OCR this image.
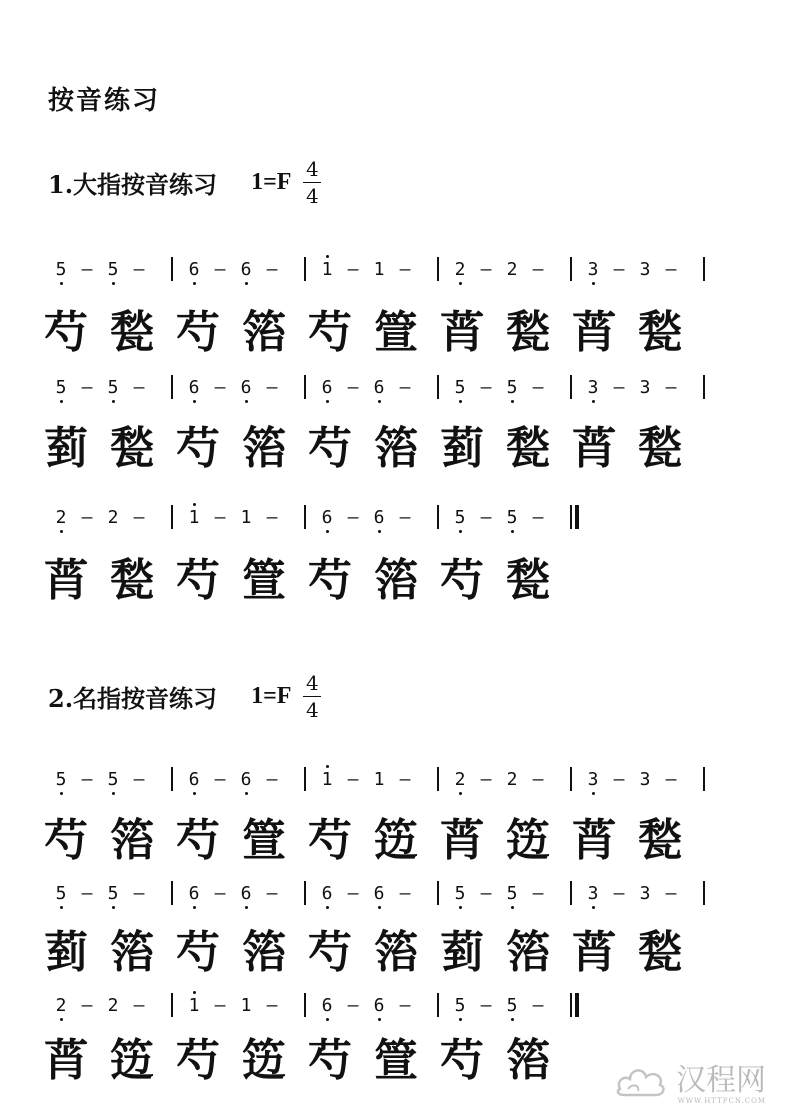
按音练习
1.大指按音练习 1=F 4
4
5 – 5 –	6 – 6 –	1 – 1 –	2 – 2 –	3 – 3 –
芍 甃 芍 箈 芍 箮 莦 甃 莦 甃
5 – 5 –	6 – 6 –	6 – 6 –	5 – 5 –	3 – 3 –
菿 甃 芍 箈 芍 箈 菿 甃 莦 甃
2 – 2 –	1 – 1 –	6 – 6 –	5 – 5 –
莦 甃 芍 箮 芍 箈 芍 甃
2.名指按音练习 1=F 4
4
5 – 5 –	6 – 6 –	1 – 1 –	2 – 2 –	3 – 3 –
芍 箈 芍 箮 芍 笾 莦 笾 莦 甃
5 – 5 –	6 – 6 –	6 – 6 –	5 – 5 –	3 – 3 –
菿 箈 芍 箈 芍 箈 菿 箈 莦 甃
2 – 2 –	1 – 1 –	6 – 6 –	5 – 5 –
莦 笾 芍 笾 芍 箮 芍 箈	汉程网
WWW.HTTPCN.COM
